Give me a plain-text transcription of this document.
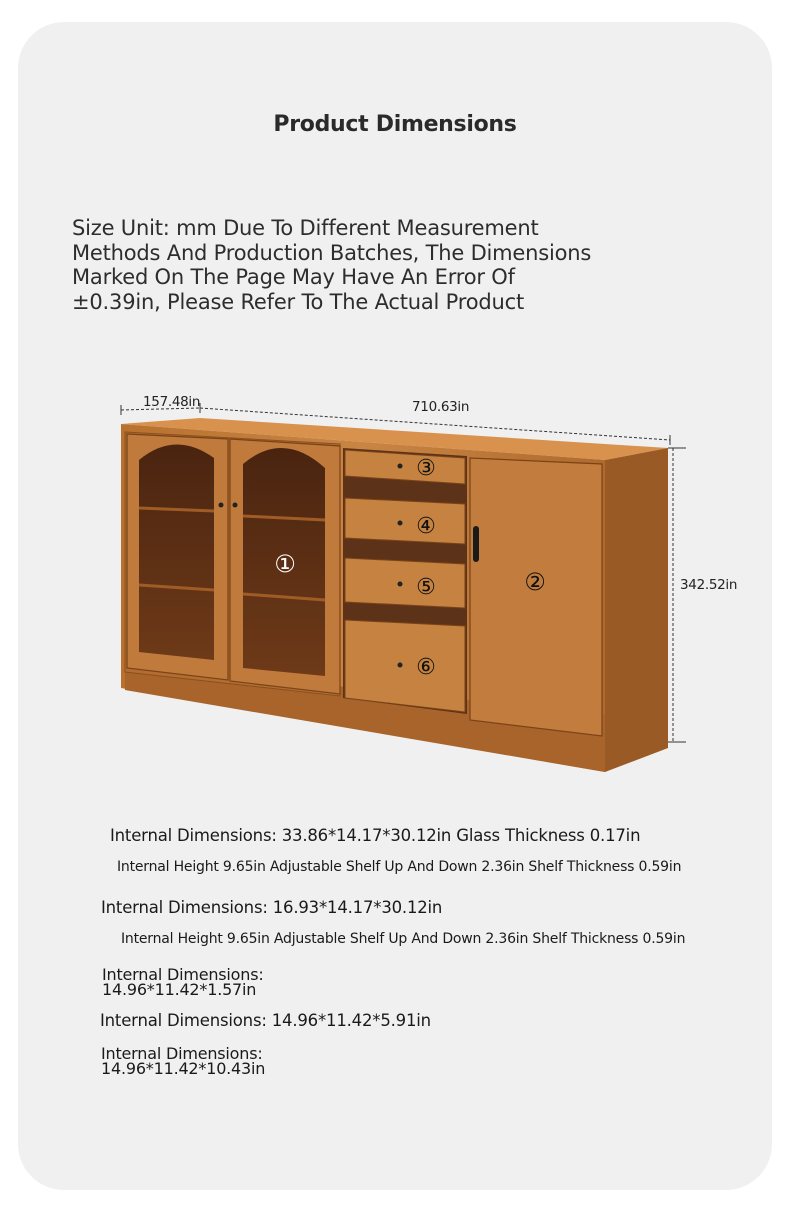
Product Dimensions
Size Unit: mm Due To Different Measurement
Methods And Production Batches, The Dimensions
Marked On The Page May Have An Error Of
±0.39in, Please Refer To The Actual Product
①
②
③
④
⑤
⑥
157.48in	710.63in
342.52in
Internal Dimensions: 33.86*14.17*30.12in Glass Thickness 0.17in
Internal Height 9.65in Adjustable Shelf Up And Down 2.36in Shelf Thickness 0.59in
Internal Dimensions: 16.93*14.17*30.12in
Internal Height 9.65in Adjustable Shelf Up And Down 2.36in Shelf Thickness 0.59in
Internal Dimensions:
14.96*11.42*1.57in
Internal Dimensions: 14.96*11.42*5.91in
Internal Dimensions:
14.96*11.42*10.43in
